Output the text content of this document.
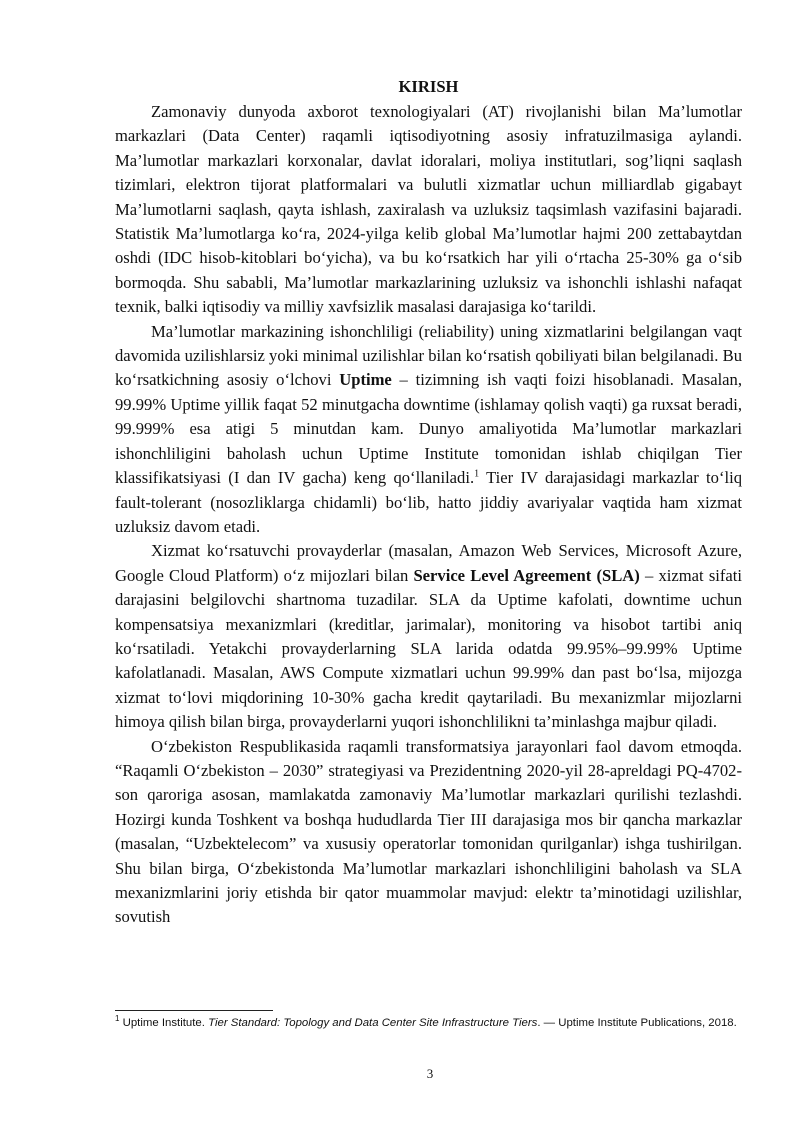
KIRISH

Zamonaviy dunyoda axborot texnologiyalari (AT) rivojlanishi bilan Ma’lumotlar markazlari (Data Center) raqamli iqtisodiyotning asosiy infratuzilmasiga aylandi. Ma’lumotlar markazlari korxonalar, davlat idoralari, moliya institutlari, sog’liqni saqlash tizimlari, elektron tijorat platformalari va bulutli xizmatlar uchun milliardlab gigabayt Ma’lumotlarni saqlash, qayta ishlash, zaxiralash va uzluksiz taqsimlash vazifasini bajaradi. Statistik Ma’lumotlarga ko‘ra, 2024-yilga kelib global Ma’lumotlar hajmi 200 zettabaytdan oshdi (IDC hisob-kitoblari bo‘yicha), va bu ko‘rsatkich har yili o‘rtacha 25-30% ga o‘sib bormoqda. Shu sababli, Ma’lumotlar markazlarining uzluksiz va ishonchli ishlashi nafaqat texnik, balki iqtisodiy va milliy xavfsizlik masalasi darajasiga ko‘tarildi.

Ma’lumotlar markazining ishonchliligi (reliability) uning xizmatlarini belgilangan vaqt davomida uzilishlarsiz yoki minimal uzilishlar bilan ko‘rsatish qobiliyati bilan belgilanadi. Bu ko‘rsatkichning asosiy o‘lchovi Uptime – tizimning ish vaqti foizi hisoblanadi. Masalan, 99.99% Uptime yillik faqat 52 minutgacha downtime (ishlamay qolish vaqti) ga ruxsat beradi, 99.999% esa atigi 5 minutdan kam. Dunyo amaliyotida Ma’lumotlar markazlari ishonchliligini baholash uchun Uptime Institute tomonidan ishlab chiqilgan Tier klassifikatsiyasi (I dan IV gacha) keng qo‘llaniladi.$^1$ Tier IV darajasidagi markazlar to‘liq fault-tolerant (nosozliklarga chidamli) bo‘lib, hatto jiddiy avariyalar vaqtida ham xizmat uzluksiz davom etadi.

Xizmat ko‘rsatuvchi provayderlar (masalan, Amazon Web Services, Microsoft Azure, Google Cloud Platform) o‘z mijozlari bilan Service Level Agreement (SLA) – xizmat sifati darajasini belgilovchi shartnoma tuzadilar. SLA da Uptime kafolati, downtime uchun kompensatsiya mexanizmlari (kreditlar, jarimalar), monitoring va hisobot tartibi aniq ko‘rsatiladi. Yetakchi provayderlarning SLA larida odatda 99.95%–99.99% Uptime kafolatlanadi. Masalan, AWS Compute xizmatlari uchun 99.99% dan past bo‘lsa, mijozga xizmat to‘lovi miqdorining 10-30% gacha kredit qaytariladi. Bu mexanizmlar mijozlarni himoya qilish bilan birga, provayderlarni yuqori ishonchlilikni ta’minlashga majbur qiladi.

O‘zbekiston Respublikasida raqamli transformatsiya jarayonlari faol davom etmoqda. “Raqamli O‘zbekiston – 2030” strategiyasi va Prezidentning 2020-yil 28-apreldagi PQ-4702-son qaroriga asosan, mamlakatda zamonaviy Ma’lumotlar markazlari qurilishi tezlashdi. Hozirgi kunda Toshkent va boshqa hududlarda Tier III darajasiga mos bir qancha markazlar (masalan, “Uzbektelecom” va xususiy operatorlar tomonidan qurilganlar) ishga tushirilgan. Shu bilan birga, O‘zbekistonda Ma’lumotlar markazlari ishonchliligini baholash va SLA mexanizmlarini joriy etishda bir qator muammolar mavjud: elektr ta’minotidagi uzilishlar, sovutish

$^1$ Uptime Institute. Tier Standard: Topology and Data Center Site Infrastructure Tiers. — Uptime Institute Publications, 2018.
3
